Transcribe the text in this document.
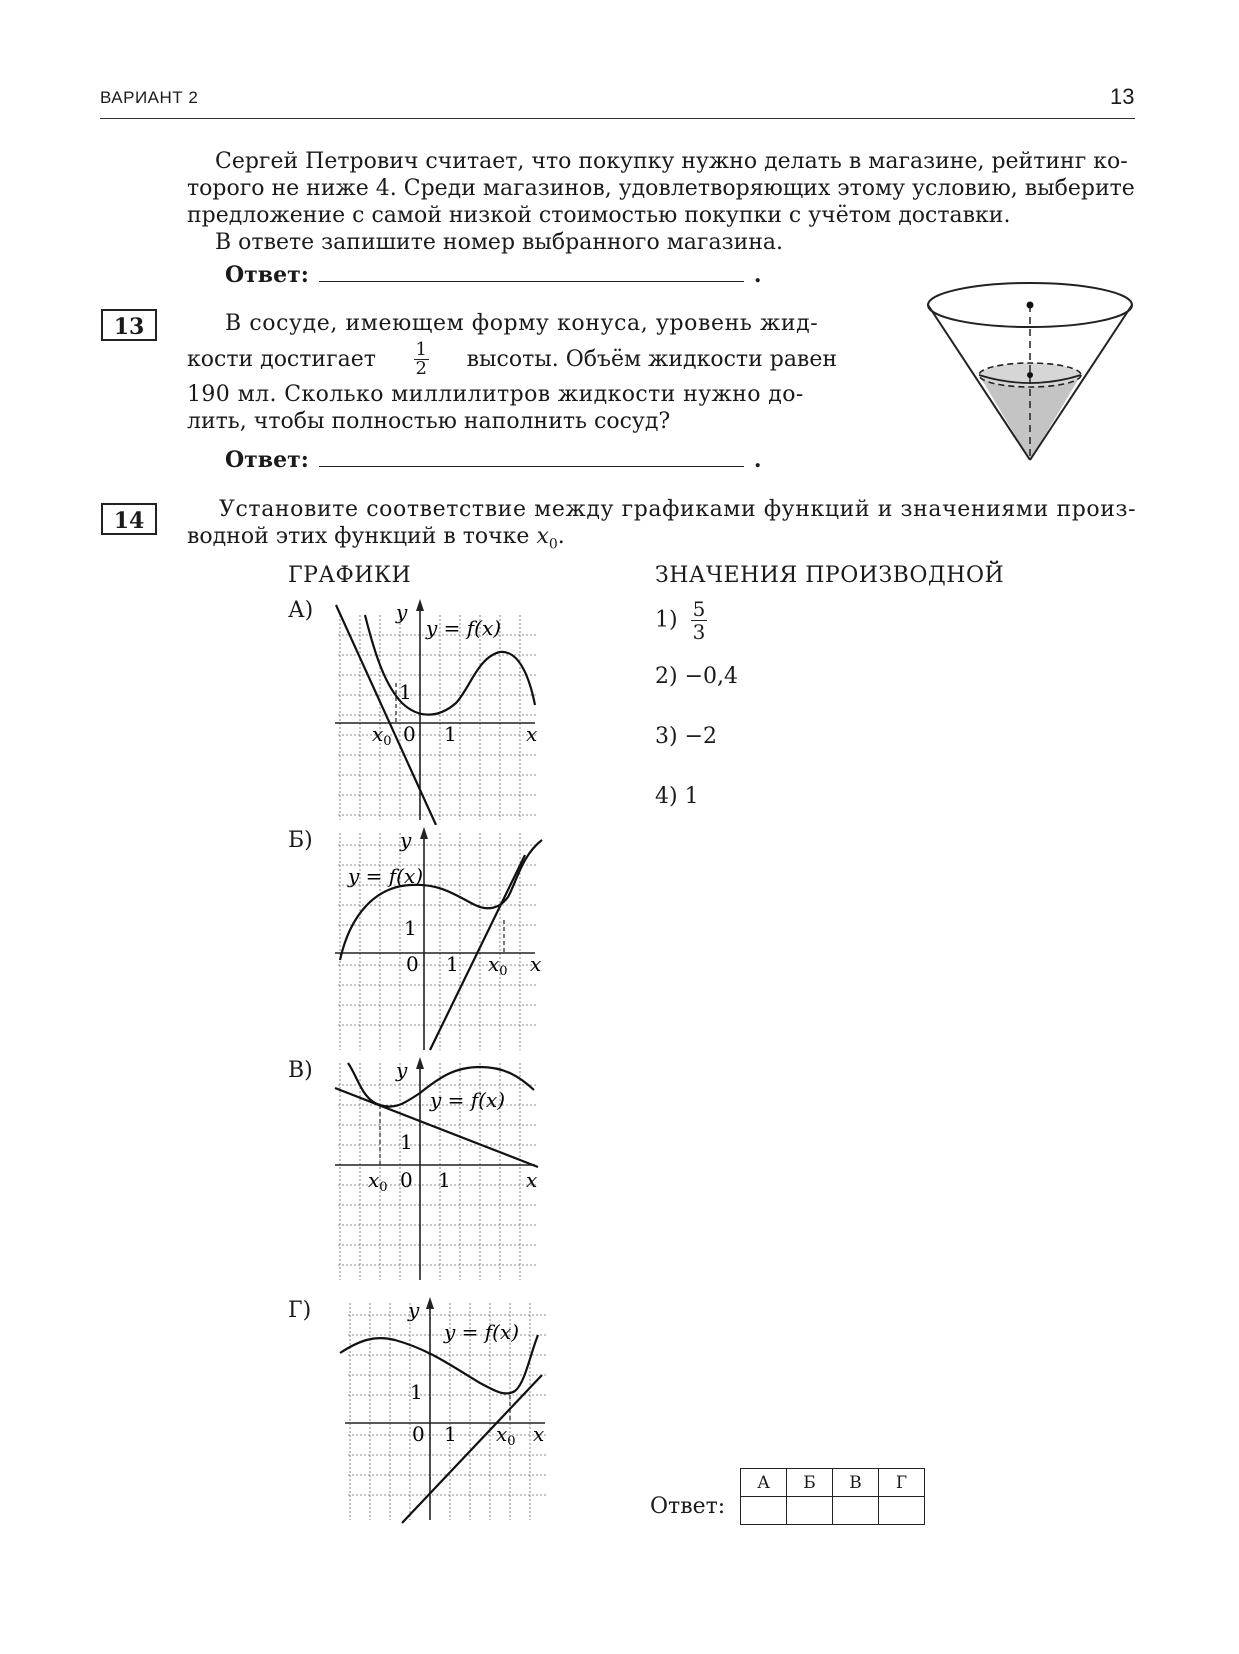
ВАРИАНТ 2	13
Сергей Петрович считает, что покупку нужно делать в магазине, рейтинг ко-
торого не ниже 4. Среди магазинов, удовлетворяющих этому условию, выберите
предложение с самой низкой стоимостью покупки с учётом доставки.
В ответе запишите номер выбранного магазина.
Ответ:	.
13	В сосуде, имеющем форму конуса, уровень жид-
кости достигает $\frac{1}{2}$ высоты. Объём жидкости равен
190 мл. Сколько миллилитров жидкости нужно до-
лить, чтобы полностью наполнить сосуд?
Ответ:	.
14	Установите соответствие между графиками функций и значениями произ-
водной этих функций в точке $x_0$.
ГРАФИКИ	ЗНАЧЕНИЯ ПРОИЗВОДНОЙ
А)
Б)
В)
Г)
y
y = f(x)
1
$x_0$ 0 1	x
y
y = f(x)
1
0 1 $x_0$ x
y
y = f(x)
1
$x_0$ 0 1	x
y
y = f(x)
1
0 1 $x_0$ x
$1) \frac{5}{3}$
2) −0,4
3) −2
4) 1
Ответ:
А	Б	В	Г
